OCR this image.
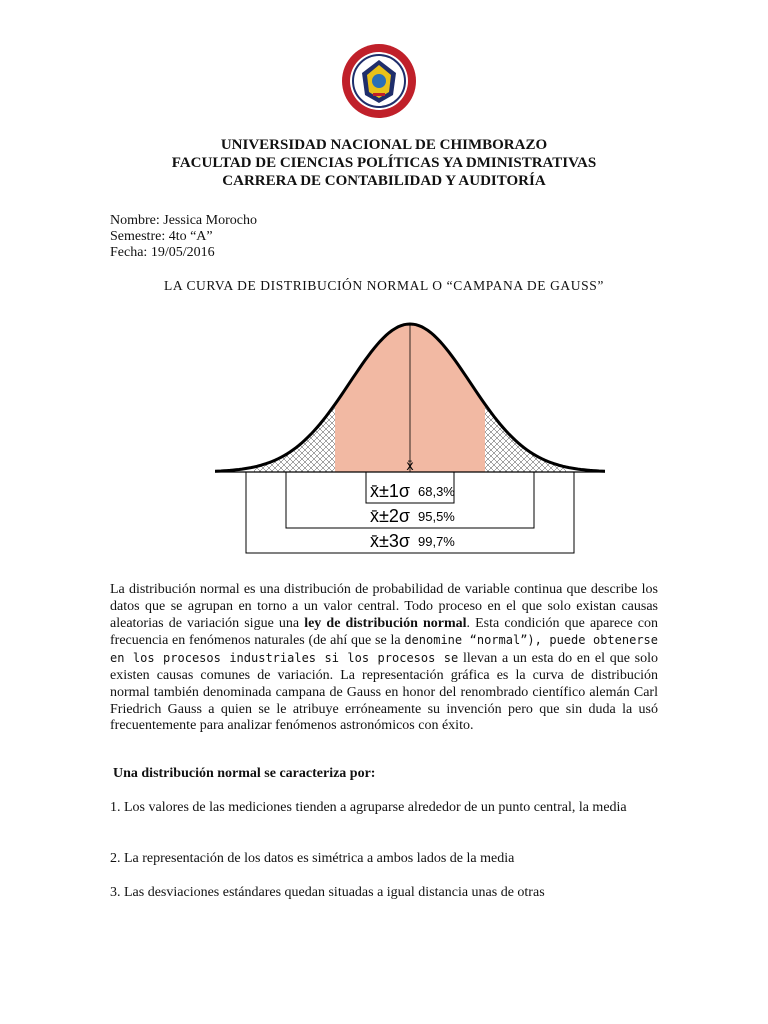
UNIVERSIDAD NACIONAL DE CHIMBORAZO
FACULTAD DE CIENCIAS POLÍTICAS YA DMINISTRATIVAS
CARRERA DE CONTABILIDAD Y AUDITORÍA
Nombre: Jessica Morocho
Semestre: 4to “A”
Fecha: 19/05/2016
LA CURVA DE DISTRIBUCIÓN NORMAL O “CAMPANA DE GAUSS”
x̄±1σ 68,3%
x̄±2σ 95,5%
x̄±3σ 99,7%
x̄
La distribución normal es una distribución de probabilidad de variable continua que describe los datos que se agrupan en torno a un valor central. Todo proceso en el que solo existan causas aleatorias de variación sigue una ley de distribución normal. Esta condición que aparece con frecuencia en fenómenos naturales (de ahí que se la denomine “normal”), puede obtenerse en los procesos industriales si los procesos se llevan a un esta do en el que solo existen causas comunes de variación. La representación gráfica es la curva de distribución normal también denominada campana de Gauss en honor del renombrado científico alemán Carl Friedrich Gauss a quien se le atribuye erróneamente su invención pero que sin duda la usó frecuentemente para analizar fenómenos astronómicos con éxito.
Una distribución normal se caracteriza por:
1. Los valores de las mediciones tienden a agruparse alrededor de un punto central, la media
2. La representación de los datos es simétrica a ambos lados de la media
3. Las desviaciones estándares quedan situadas a igual distancia unas de otras
